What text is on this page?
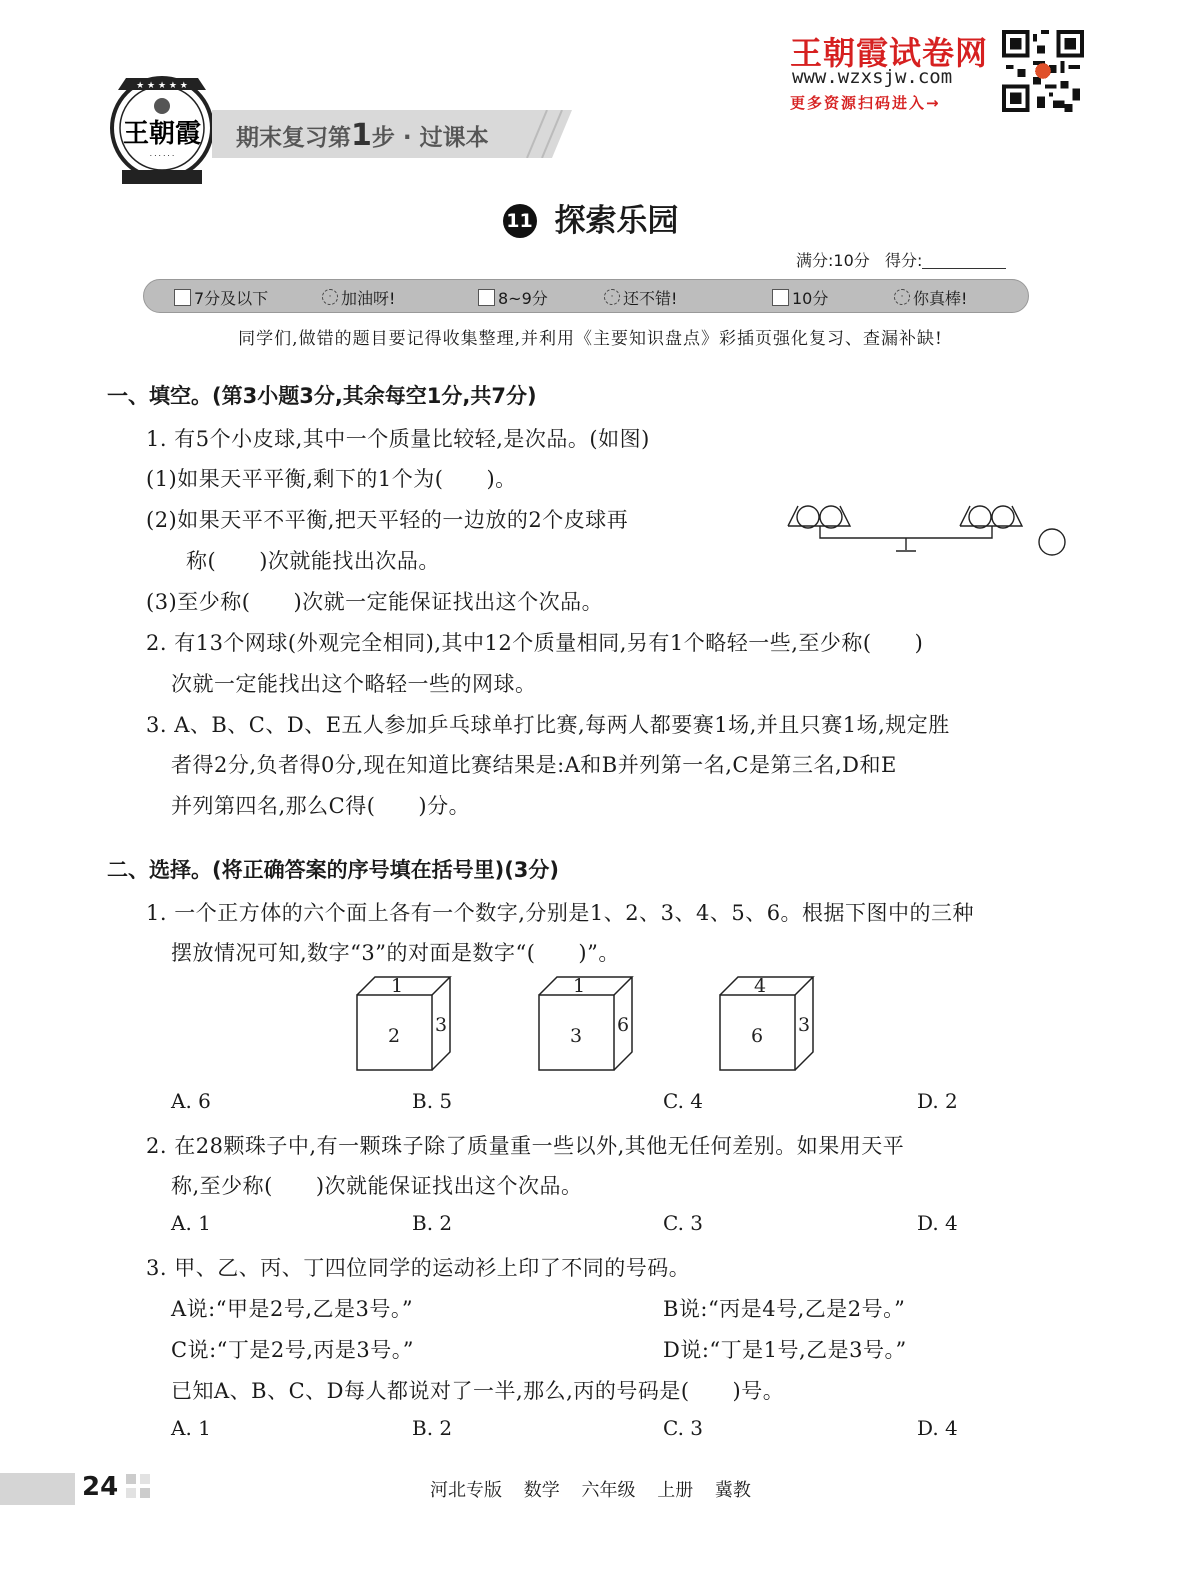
★ ★ ★ ★ ★
王朝霞
· · · · · ·
期末复习第1步 · 过课本
王朝霞试卷网
www.wzxsjw.com
更多资源扫码进入→
11 探索乐园
满分:10分 得分:
7分及以下	· 加油呀!	8~9分	· 还不错!	10分	· 你真棒!
同学们,做错的题目要记得收集整理,并利用《主要知识盘点》彩插页强化复习、查漏补缺!
一、填空。(第3小题3分,其余每空1分,共7分)
1. 有5个小皮球,其中一个质量比较轻,是次品。(如图)
(1)如果天平平衡,剩下的1个为(　　)。
(2)如果天平不平衡,把天平轻的一边放的2个皮球再
称(　　)次就能找出次品。
(3)至少称(　　)次就一定能保证找出这个次品。
2. 有13个网球(外观完全相同),其中12个质量相同,另有1个略轻一些,至少称(　　)
次就一定能找出这个略轻一些的网球。
3. A、B、C、D、E五人参加乒乓球单打比赛,每两人都要赛1场,并且只赛1场,规定胜
者得2分,负者得0分,现在知道比赛结果是:A和B并列第一名,C是第三名,D和E
并列第四名,那么C得(　　)分。
二、选择。(将正确答案的序号填在括号里)(3分)
1. 一个正方体的六个面上各有一个数字,分别是1、2、3、4、5、6。根据下图中的三种
摆放情况可知,数字“3”的对面是数字“(　　)”。
1
2 3
1
3 6
4
6 3
A. 6	B. 5	C. 4	D. 2
2. 在28颗珠子中,有一颗珠子除了质量重一些以外,其他无任何差别。如果用天平
称,至少称(　　)次就能保证找出这个次品。
A. 1	B. 2	C. 3	D. 4
3. 甲、乙、丙、丁四位同学的运动衫上印了不同的号码。
A说:“甲是2号,乙是3号。”	B说:“丙是4号,乙是2号。”
C说:“丁是2号,丙是3号。”	D说:“丁是1号,乙是3号。”
已知A、B、C、D每人都说对了一半,那么,丙的号码是(　　)号。
A. 1	B. 2	C. 3	D. 4
24	河北专版 数学 六年级 上册 冀教
